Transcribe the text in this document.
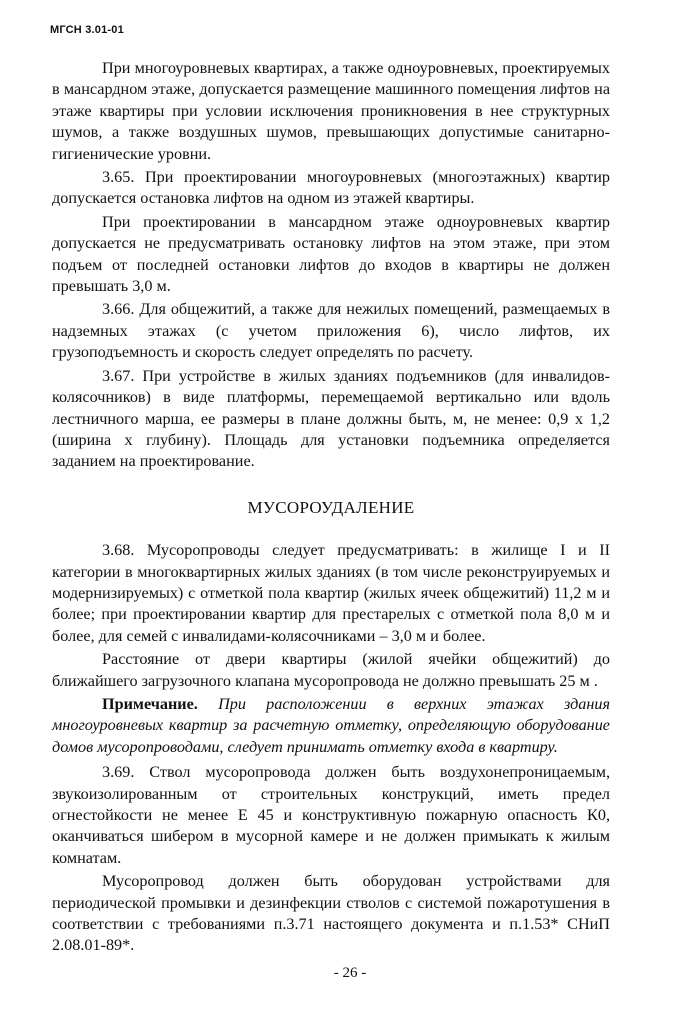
МГСН 3.01-01

При многоуровневых квартирах, а также одноуровневых, проектируемых в мансардном этаже, допускается размещение машинного помещения лифтов на этаже квартиры при условии исключения проникновения в нее структурных шумов, а также воздушных шумов, превышающих допустимые санитарно-гигиенические уровни.

3.65. При проектировании многоуровневых (многоэтажных) квартир допускается остановка лифтов на одном из этажей квартиры.

При проектировании в мансардном этаже одноуровневых квартир допускается не предусматривать остановку лифтов на этом этаже, при этом подъем от последней остановки лифтов до входов в квартиры не должен превышать 3,0 м.

3.66. Для общежитий, а также для нежилых помещений, размещаемых в надземных этажах (с учетом приложения 6), число лифтов, их грузоподъемность и скорость следует определять по расчету.

3.67. При устройстве в жилых зданиях подъемников (для инвалидов-колясочников) в виде платформы, перемещаемой вертикально или вдоль лестничного марша, ее размеры в плане должны быть, м, не менее: 0,9 х 1,2 (ширина х глубину). Площадь для установки подъемника определяется заданием на проектирование.

МУСОРОУДАЛЕНИЕ

3.68. Мусоропроводы следует предусматривать: в жилище I и II категории в многоквартирных жилых зданиях (в том числе реконструируемых и модернизируемых) с отметкой пола квартир (жилых ячеек общежитий) 11,2 м и более; при проектировании квартир для престарелых с отметкой пола 8,0 м и более, для семей с инвалидами-колясочниками – 3,0 м и более.

Расстояние от двери квартиры (жилой ячейки общежитий) до ближайшего загрузочного клапана мусоропровода не должно превышать 25 м .

Примечание. При расположении в верхних этажах здания многоуровневых квартир за расчетную отметку, определяющую оборудование домов мусоропроводами, следует принимать отметку входа в квартиру.

3.69. Ствол мусоропровода должен быть воздухонепроницаемым, звукоизолированным от строительных конструкций, иметь предел огнестойкости не менее Е 45 и конструктивную пожарную опасность К0, оканчиваться шибером в мусорной камере и не должен примыкать к жилым комнатам.

Мусоропровод должен быть оборудован устройствами для периодической промывки и дезинфекции стволов с системой пожаротушения в соответствии с требованиями п.3.71 настоящего документа и п.1.53* СНиП 2.08.01-89*.

- 26 -
